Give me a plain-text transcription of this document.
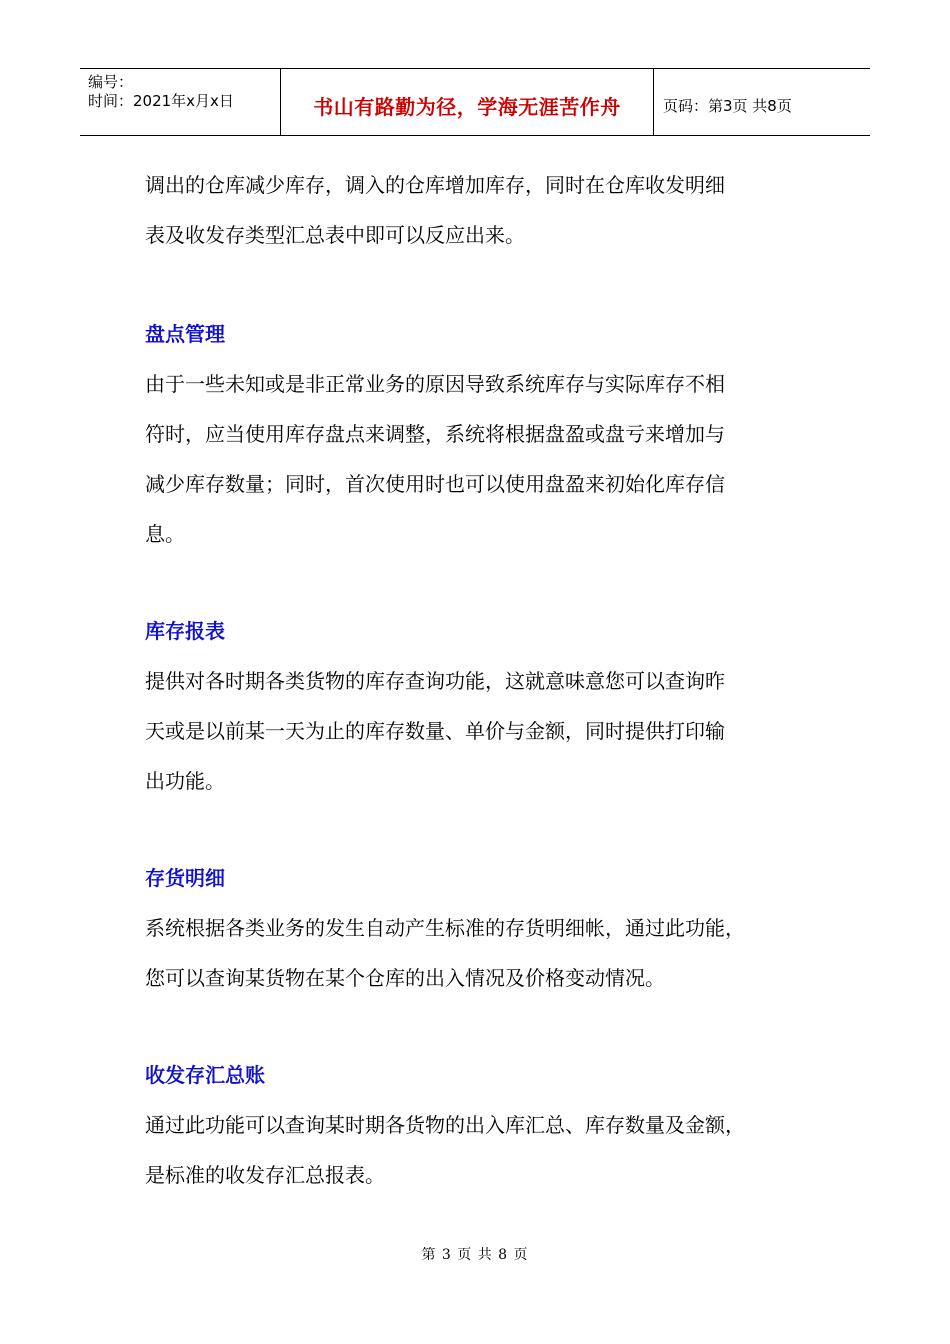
编号：
时间：2021年x月x日	书山有路勤为径，学海无涯苦作舟	页码：第3页 共8页

调出的仓库减少库存，调入的仓库增加库存，同时在仓库收发明细

表及收发存类型汇总表中即可以反应出来。

盘点管理

由于一些未知或是非正常业务的原因导致系统库存与实际库存不相

符时，应当使用库存盘点来调整，系统将根据盘盈或盘亏来增加与

减少库存数量；同时，首次使用时也可以使用盘盈来初始化库存信

息。

库存报表

提供对各时期各类货物的库存查询功能，这就意味意您可以查询昨

天或是以前某一天为止的库存数量、单价与金额，同时提供打印输

出功能。

存货明细

系统根据各类业务的发生自动产生标准的存货明细帐，通过此功能，

您可以查询某货物在某个仓库的出入情况及价格变动情况。

收发存汇总账

通过此功能可以查询某时期各货物的出入库汇总、库存数量及金额，

是标准的收发存汇总报表。

第 3 页 共 8 页
